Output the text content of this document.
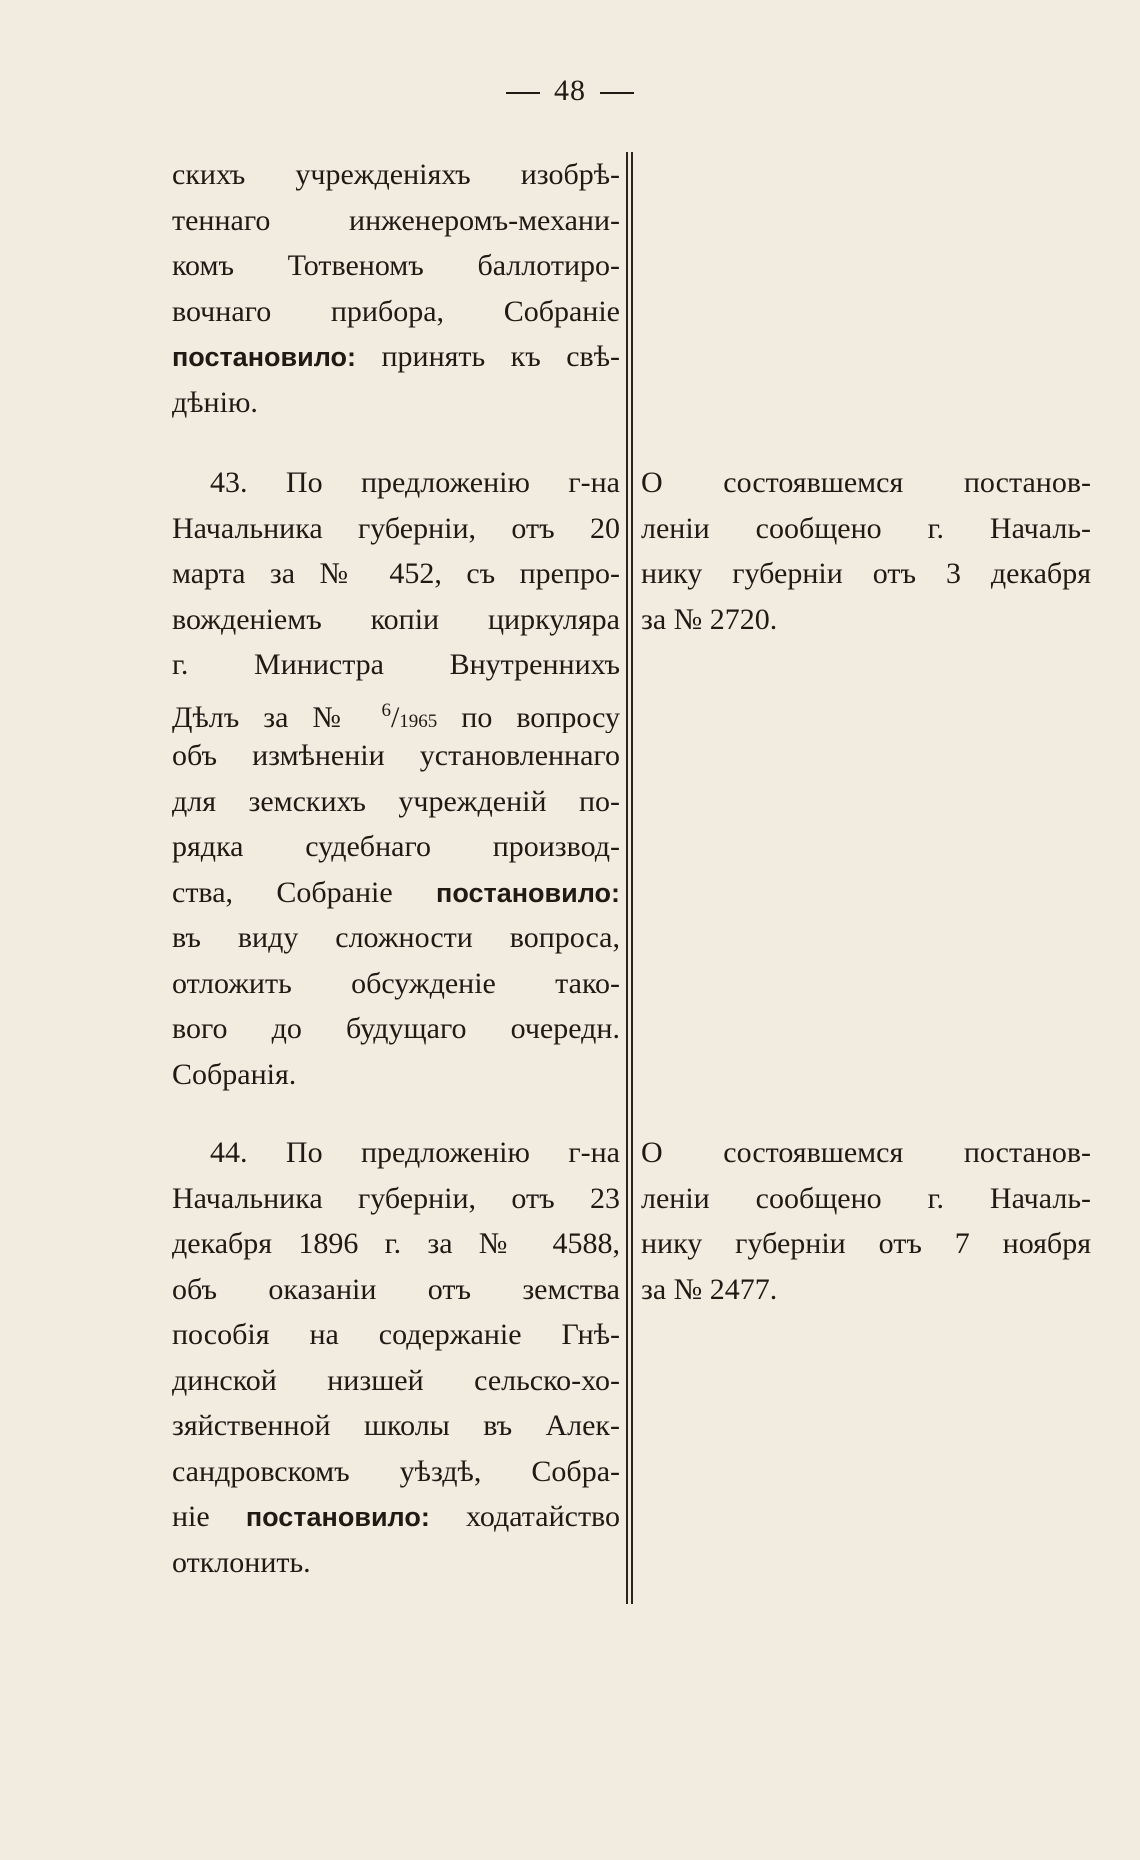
48
скихъ учрежденіяхъ изобрѣ-
теннаго инженеромъ-механи-
комъ Тотвеномъ баллотиро-
вочнаго прибора, Собраніе
постановило: принять къ свѣ-
дѣнію.
43. По предложенію г-на
Начальника губерніи, отъ 20
марта за № 452, съ препро-
вожденіемъ копіи циркуляра
г. Министра Внутреннихъ
Дѣлъ за № $^6$/1965 по вопросу
объ измѣненіи установленнаго
для земскихъ учрежденій по-
рядка судебнаго производ-
ства, Собраніе постановило:
въ виду сложности вопроса,
отложить обсужденіе тако-
вого до будущаго очередн.
Собранія.
44. По предложенію г-на
Начальника губерніи, отъ 23
декабря 1896 г. за № 4588,
объ оказаніи отъ земства
пособія на содержаніе Гнѣ-
динской низшей сельско-хо-
зяйственной школы въ Алек-
сандровскомъ уѣздѣ, Собра-
ніе постановило: ходатайство
отклонить.
О состоявшемся постанов-
леніи сообщено г. Началь-
нику губерніи отъ 3 декабря
за № 2720.
О состоявшемся постанов-
леніи сообщено г. Началь-
нику губерніи отъ 7 ноября
за № 2477.
